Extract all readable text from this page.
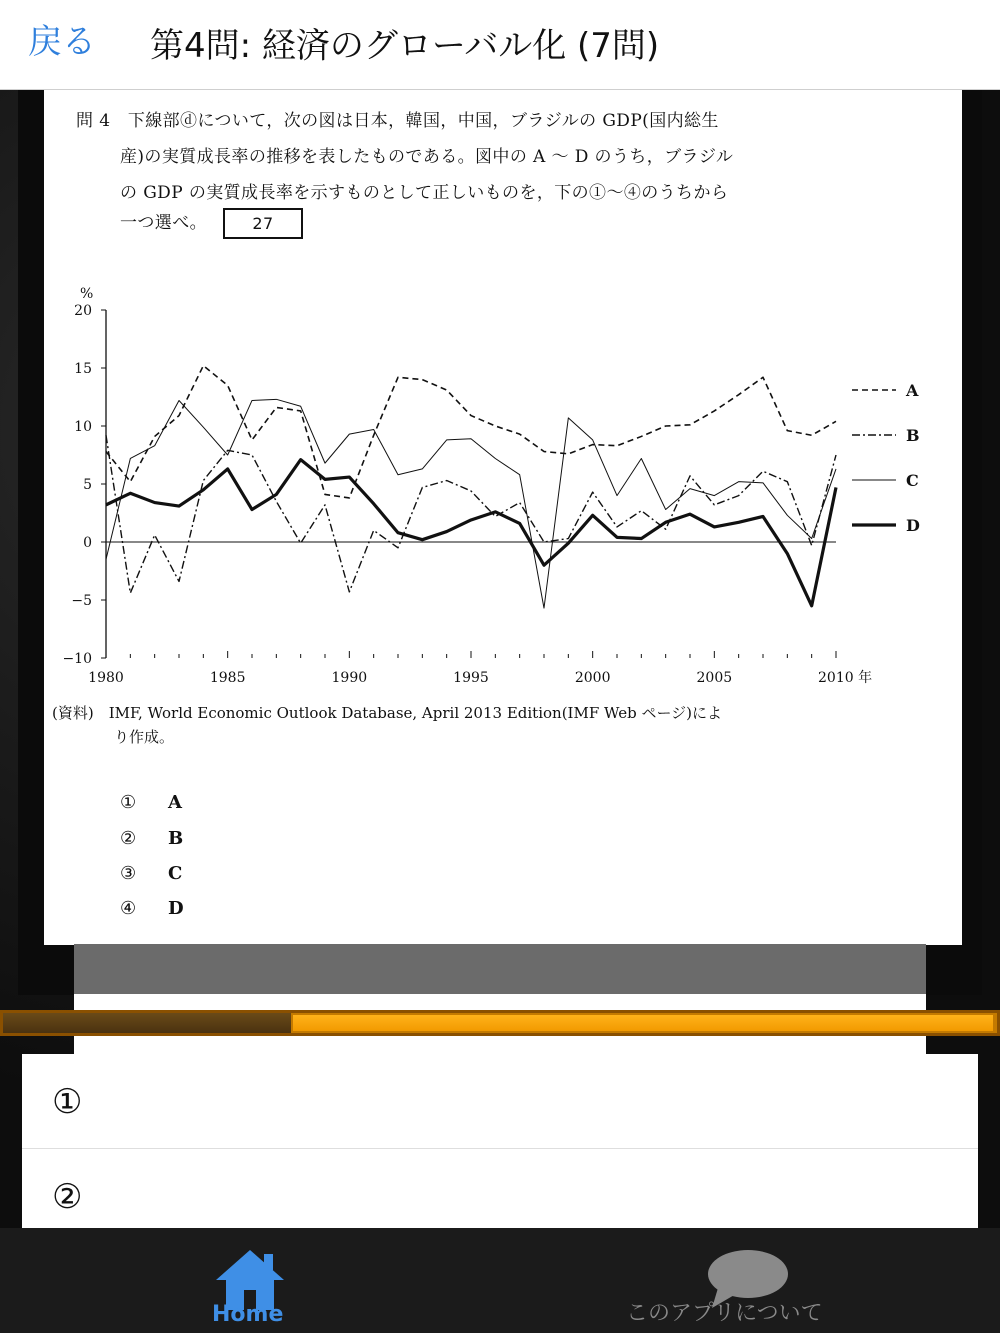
戻る 第4問: 経済のグローバル化 (7問)
問 4　下線部ⓓについて，次の図は日本，韓国，中国，ブラジルの GDP(国内総生
産)の実質成長率の推移を表したものである。図中の A ～ D のうち，ブラジル
の GDP の実質成長率を示すものとして正しいものを，下の①～④のうちから
一つ選べ。	27
20
15
10
5
0
−5
−10
%
1980	1985	1990	1995	2000	2005	2010 年
A
B
C
D
(資料)　IMF, World Economic Outlook Database, April 2013 Edition(IMF Web ページ)によ
り作成。
① A
② B
③ C
④ D
①
②
Home	このアプリについて
